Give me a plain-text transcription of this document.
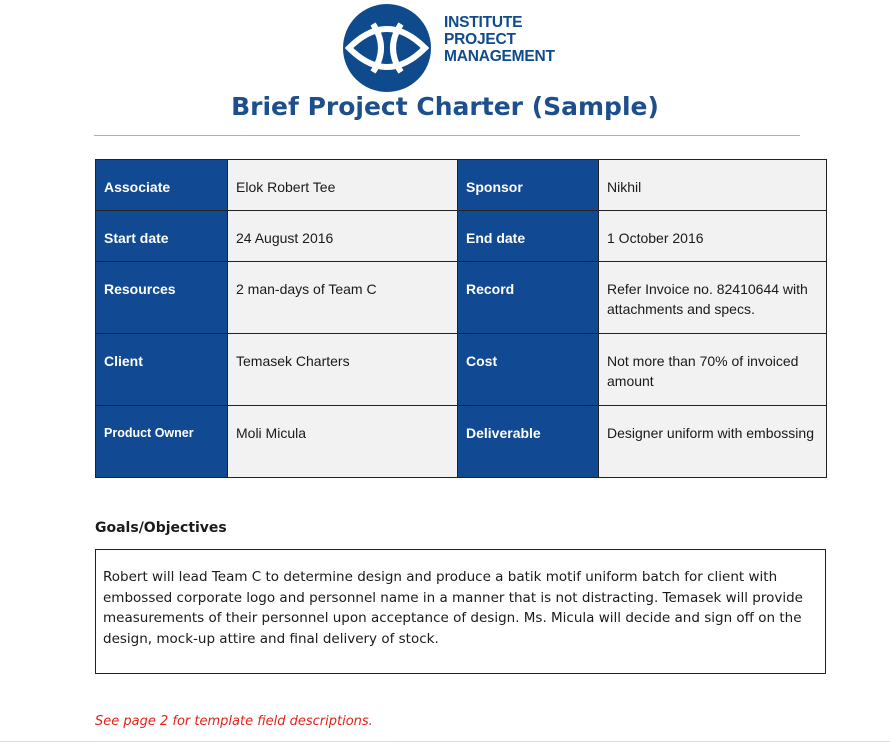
INSTITUTE
PROJECT
MANAGEMENT
Brief Project Charter (Sample)
Associate	Elok Robert Tee	Sponsor	Nikhil
Start date	24 August 2016	End date	1 October 2016
Resources	2 man-days of Team C	Record	Refer Invoice no. 82410644 with attachments and specs.
Client	Temasek Charters	Cost	Not more than 70% of invoiced amount
Product Owner	Moli Micula	Deliverable	Designer uniform with embossing
Goals/Objectives
Robert will lead Team C to determine design and produce a batik motif uniform batch for client with embossed corporate logo and personnel name in a manner that is not distracting. Temasek will provide measurements of their personnel upon acceptance of design. Ms. Micula will decide and sign off on the design, mock-up attire and final delivery of stock.
See page 2 for template field descriptions.
